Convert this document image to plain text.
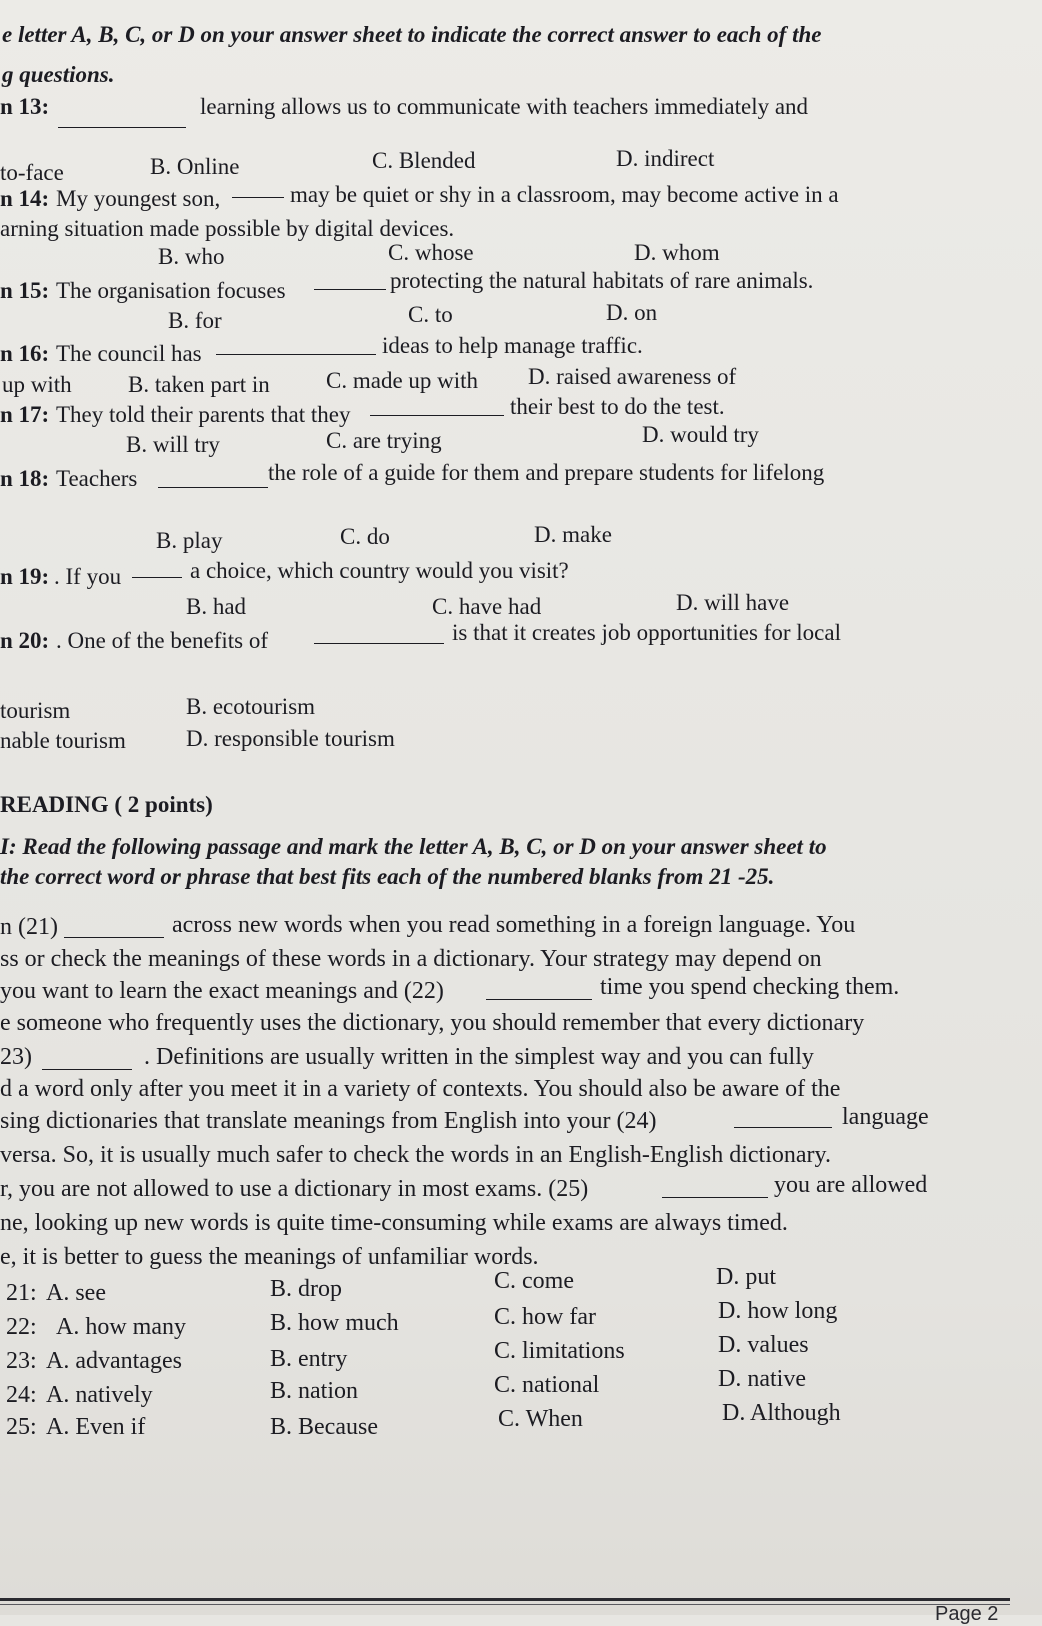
e letter A, B, C, or D on your answer sheet to indicate the correct answer to each of the
g questions.
n 13:	learning allows us to communicate with teachers immediately and
to-face	B. Online	C. Blended	D. indirect
n 14: My youngest son,	may be quiet or shy in a classroom, may become active in a
arning situation made possible by digital devices.
B. who	C. whose	D. whom
n 15: The organisation focuses	protecting the natural habitats of rare animals.
B. for	C. to	D. on
n 16: The council has	ideas to help manage traffic.
up with B. taken part in C. made up with D. raised awareness of
n 17: They told their parents that they	their best to do the test.
B. will try	C. are trying	D. would try
n 18: Teachers	the role of a guide for them and prepare students for lifelong
B. play	C. do	D. make
n 19: . If you	a choice, which country would you visit?
B. had	C. have had	D. will have
n 20: . One of the benefits of	is that it creates job opportunities for local
tourism	B. ecotourism
nable tourism	D. responsible tourism
READING ( 2 points)
I: Read the following passage and mark the letter A, B, C, or D on your answer sheet to
the correct word or phrase that best fits each of the numbered blanks from 21 -25.
n (21)	across new words when you read something in a foreign language. You
ss or check the meanings of these words in a dictionary. Your strategy may depend on
you want to learn the exact meanings and (22)	time you spend checking them.
e someone who frequently uses the dictionary, you should remember that every dictionary
23)	. Definitions are usually written in the simplest way and you can fully
d a word only after you meet it in a variety of contexts. You should also be aware of the
sing dictionaries that translate meanings from English into your (24)	language
versa. So, it is usually much safer to check the words in an English-English dictionary.
r, you are not allowed to use a dictionary in most exams. (25)	you are allowed
ne, looking up new words is quite time-consuming while exams are always timed.
e, it is better to guess the meanings of unfamiliar words.
21: A. see	B. drop	C. come	D. put
22: A. how many	B. how much	C. how far	D. how long
23: A. advantages	B. entry	C. limitations	D. values
24: A. natively	B. nation	C. national	D. native
25: A. Even if	B. Because	C. When	D. Although
Page 2
